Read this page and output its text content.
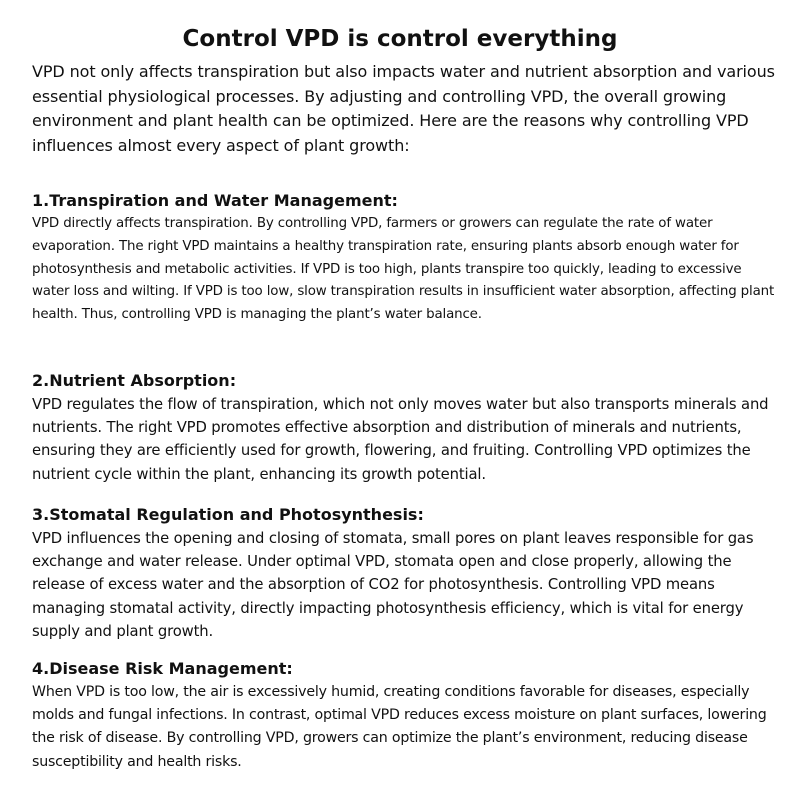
Control VPD is control everything

VPD not only affects transpiration but also impacts water and nutrient absorption and various essential physiological processes. By adjusting and controlling VPD, the overall growing environment and plant health can be optimized. Here are the reasons why controlling VPD influences almost every aspect of plant growth:

1.Transpiration and Water Management:

VPD directly affects transpiration. By controlling VPD, farmers or growers can regulate the rate of water evaporation. The right VPD maintains a healthy transpiration rate, ensuring plants absorb enough water for photosynthesis and metabolic activities. If VPD is too high, plants transpire too quickly, leading to excessive water loss and wilting. If VPD is too low, slow transpiration results in insufficient water absorption, affecting plant health. Thus, controlling VPD is managing the plant’s water balance.

2.Nutrient Absorption:

VPD regulates the flow of transpiration, which not only moves water but also transports minerals and nutrients. The right VPD promotes effective absorption and distribution of minerals and nutrients, ensuring they are efficiently used for growth, flowering, and fruiting. Controlling VPD optimizes the nutrient cycle within the plant, enhancing its growth potential.

3.Stomatal Regulation and Photosynthesis:

VPD influences the opening and closing of stomata, small pores on plant leaves responsible for gas exchange and water release. Under optimal VPD, stomata open and close properly, allowing the release of excess water and the absorption of CO2 for photosynthesis. Controlling VPD means managing stomatal activity, directly impacting photosynthesis efficiency, which is vital for energy supply and plant growth.

4.Disease Risk Management:

When VPD is too low, the air is excessively humid, creating conditions favorable for diseases, especially molds and fungal infections. In contrast, optimal VPD reduces excess moisture on plant surfaces, lowering the risk of disease. By controlling VPD, growers can optimize the plant’s environment, reducing disease susceptibility and health risks.
